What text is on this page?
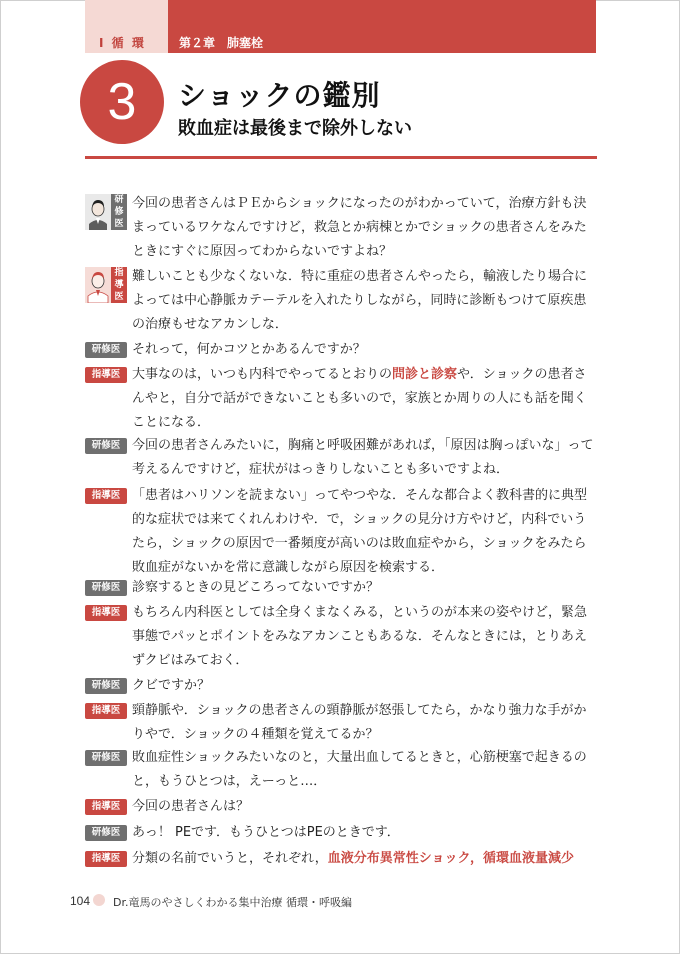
Ⅰ 循 環	第２章　肺塞栓
3	ショックの鑑別
敗血症は最後まで除外しない
研修医
今回の患者さんはＰＥからショックになったのがわかっていて，治療方針も決まっているワケなんですけど，救急とか病棟とかでショックの患者さんをみたときにすぐに原因ってわからないですよね？
指導医
難しいことも少なくないな．特に重症の患者さんやったら，輸液したり場合によっては中心静脈カテーテルを入れたりしながら，同時に診断もつけて原疾患の治療もせなアカンしな．
研修医 それって，何かコツとかあるんですか？
指導医 大事なのは，いつも内科でやってるとおりの問診と診察や．ショックの患者さんやと，自分で話ができないことも多いので，家族とか周りの人にも話を聞くことになる．
研修医 今回の患者さんみたいに，胸痛と呼吸困難があれば，「原因は胸っぽいな」って考えるんですけど，症状がはっきりしないことも多いですよね．
指導医 「患者はハリソンを読まない」ってやつやな．そんな都合よく教科書的に典型的な症状では来てくれんわけや．で，ショックの見分け方やけど，内科でいうたら，ショックの原因で一番頻度が高いのは敗血症やから，ショックをみたら敗血症がないかを常に意識しながら原因を検索する．
研修医 診察するときの見どころってないですか？
指導医 もちろん内科医としては全身くまなくみる，というのが本来の姿やけど，緊急事態でパッとポイントをみなアカンこともあるな．そんなときには，とりあえずクビはみておく．
研修医 クビですか？
指導医 頸静脈や．ショックの患者さんの頸静脈が怒張してたら，かなり強力な手がかりやで．ショックの４種類を覚えてるか？
研修医 敗血症性ショックみたいなのと，大量出血してるときと，心筋梗塞で起きるのと，もうひとつは，えーっと…．
指導医 今回の患者さんは？
研修医 あっ！ PEです．もうひとつはPEのときです．
指導医 分類の名前でいうと，それぞれ，血液分布異常性ショック，循環血液量減少
104 Dr.竜馬のやさしくわかる集中治療 循環・呼吸編
